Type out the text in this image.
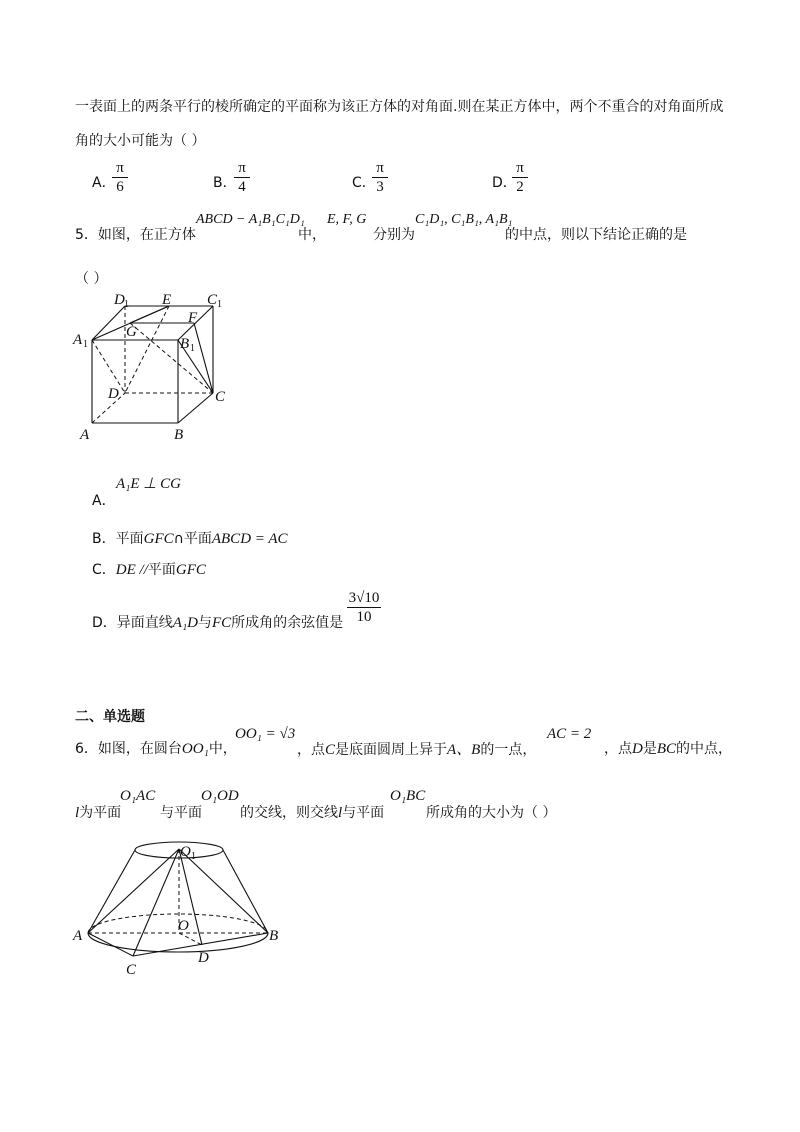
一表面上的两条平行的棱所确定的平面称为该正方体的对角面.则在某正方体中，两个不重合的对角面所成
角的大小可能为（ ）
A．
π
6	B．
π
4	C．
π
3	D．
π
2
5．如图，在正方体
ABCD − A₁B₁C₁D₁
中，
E, F, G
分别为
C₁D₁, C₁B₁, A₁B₁
的中点，则以下结论正确的是
（ ）
D 1 E C 1
G
F
A 1	B 1
D	C
A	B
A．
A₁E ⊥ CG
B．平面GFC∩平面ABCD = AC
C．DE //平面GFC
D．异面直线A₁D与FC所成角的余弦值是
3√10
10
二、单选题
6．如图，在圆台OO₁中，
OO₁ = √3
，点C是底面圆周上异于A、B的一点，
AC = 2
，点D是BC的中点，
l为平面
O₁AC
与平面
O₁OD
的交线，则交线l与平面
O₁BC
所成角的大小为（ ）
O 1
A	B
O
D
C
